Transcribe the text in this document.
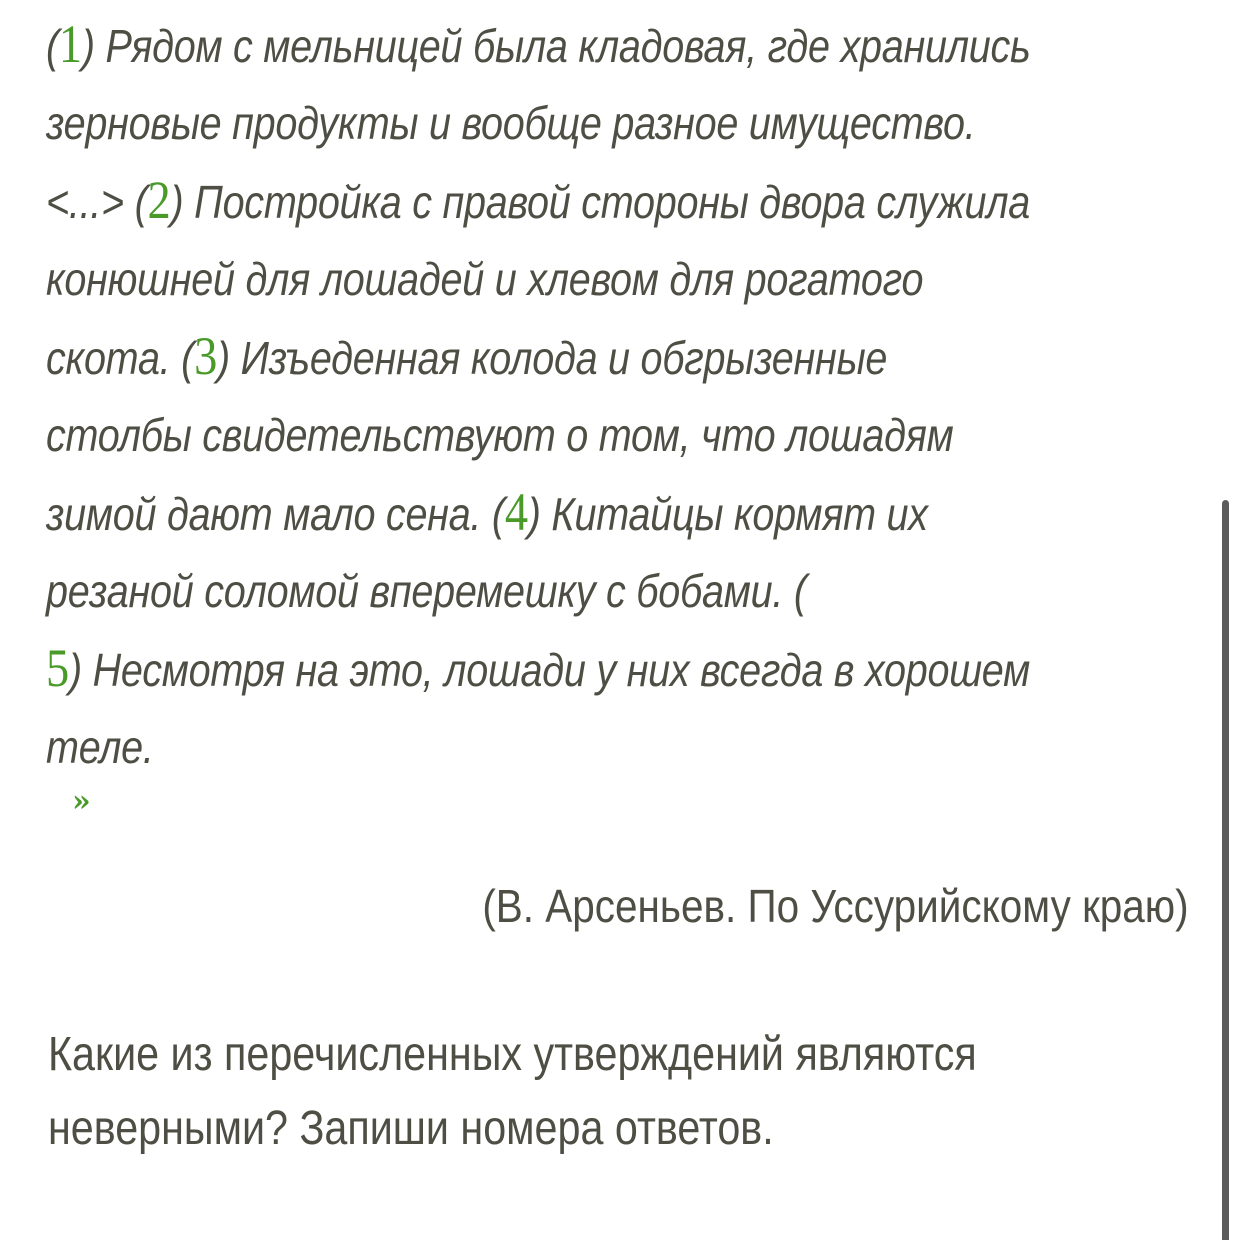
(1) Рядом с мельницей была кладовая, где хранились зерновые продукты и вообще разное имущество. <...> (2) Постройка с правой стороны двора служила конюшней для лошадей и хлевом для рогатого скота. (3) Изъеденная колода и обгрызенные столбы свидетельствуют о том, что лошадям зимой дают мало сена. (4) Китайцы кормят их резаной соломой вперемешку с бобами. (
5) Несмотря на это, лошади у них всегда в хорошем теле.

»
(В. Арсеньев. По Уссурийскому краю)
Какие из перечисленных утверждений являются неверными? Запиши номера ответов.
